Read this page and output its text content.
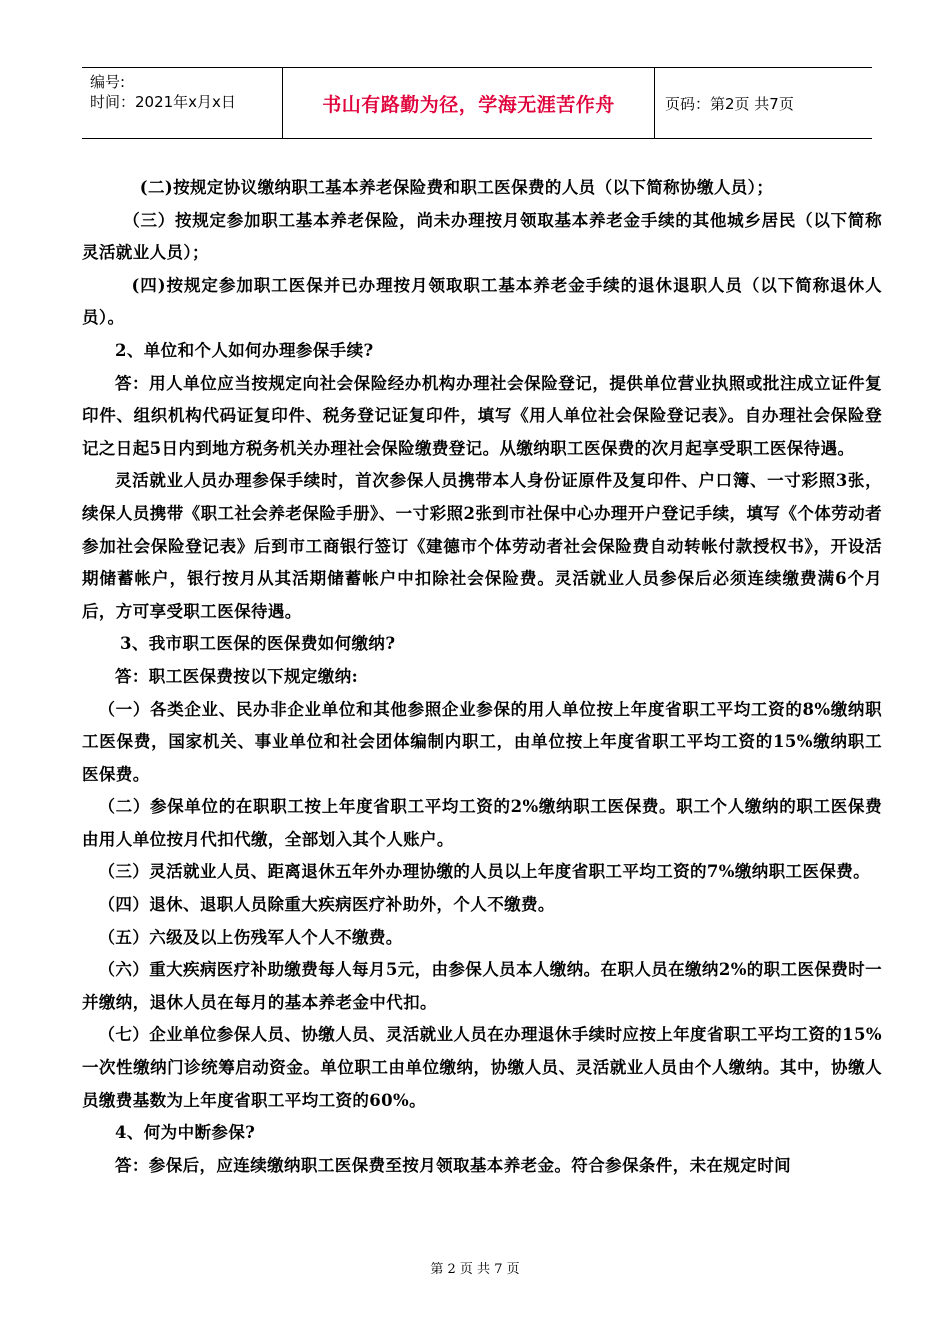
编号:
时间：2021年x月x日	书山有路勤为径，学海无涯苦作舟	页码：第2页 共7页

(二)按规定协议缴纳职工基本养老保险费和职工医保费的人员（以下简称协缴人员）；

（三）按规定参加职工基本养老保险，尚未办理按月领取基本养老金手续的其他城乡居民（以下简称灵活就业人员）；

(四)按规定参加职工医保并已办理按月领取职工基本养老金手续的退休退职人员（以下简称退休人员）。

2、单位和个人如何办理参保手续?

答：用人单位应当按规定向社会保险经办机构办理社会保险登记，提供单位营业执照或批注成立证件复印件、组织机构代码证复印件、税务登记证复印件，填写《用人单位社会保险登记表》。自办理社会保险登记之日起5日内到地方税务机关办理社会保险缴费登记。从缴纳职工医保费的次月起享受职工医保待遇。

灵活就业人员办理参保手续时，首次参保人员携带本人身份证原件及复印件、户口簿、一寸彩照3张，续保人员携带《职工社会养老保险手册》、一寸彩照2张到市社保中心办理开户登记手续，填写《个体劳动者参加社会保险登记表》后到市工商银行签订《建德市个体劳动者社会保险费自动转帐付款授权书》，开设活期储蓄帐户，银行按月从其活期储蓄帐户中扣除社会保险费。灵活就业人员参保后必须连续缴费满6个月后，方可享受职工医保待遇。

3、我市职工医保的医保费如何缴纳?

答：职工医保费按以下规定缴纳:

（一）各类企业、民办非企业单位和其他参照企业参保的用人单位按上年度省职工平均工资的8%缴纳职工医保费，国家机关、事业单位和社会团体编制内职工，由单位按上年度省职工平均工资的15%缴纳职工医保费。

（二）参保单位的在职职工按上年度省职工平均工资的2%缴纳职工医保费。职工个人缴纳的职工医保费由用人单位按月代扣代缴，全部划入其个人账户。

（三）灵活就业人员、距离退休五年外办理协缴的人员以上年度省职工平均工资的7%缴纳职工医保费。

（四）退休、退职人员除重大疾病医疗补助外，个人不缴费。

（五）六级及以上伤残军人个人不缴费。

（六）重大疾病医疗补助缴费每人每月5元，由参保人员本人缴纳。在职人员在缴纳2%的职工医保费时一并缴纳，退休人员在每月的基本养老金中代扣。

（七）企业单位参保人员、协缴人员、灵活就业人员在办理退休手续时应按上年度省职工平均工资的15%一次性缴纳门诊统筹启动资金。单位职工由单位缴纳，协缴人员、灵活就业人员由个人缴纳。其中，协缴人员缴费基数为上年度省职工平均工资的60%。

4、何为中断参保?

答：参保后，应连续缴纳职工医保费至按月领取基本养老金。符合参保条件，未在规定时间

第 2 页 共 7 页
